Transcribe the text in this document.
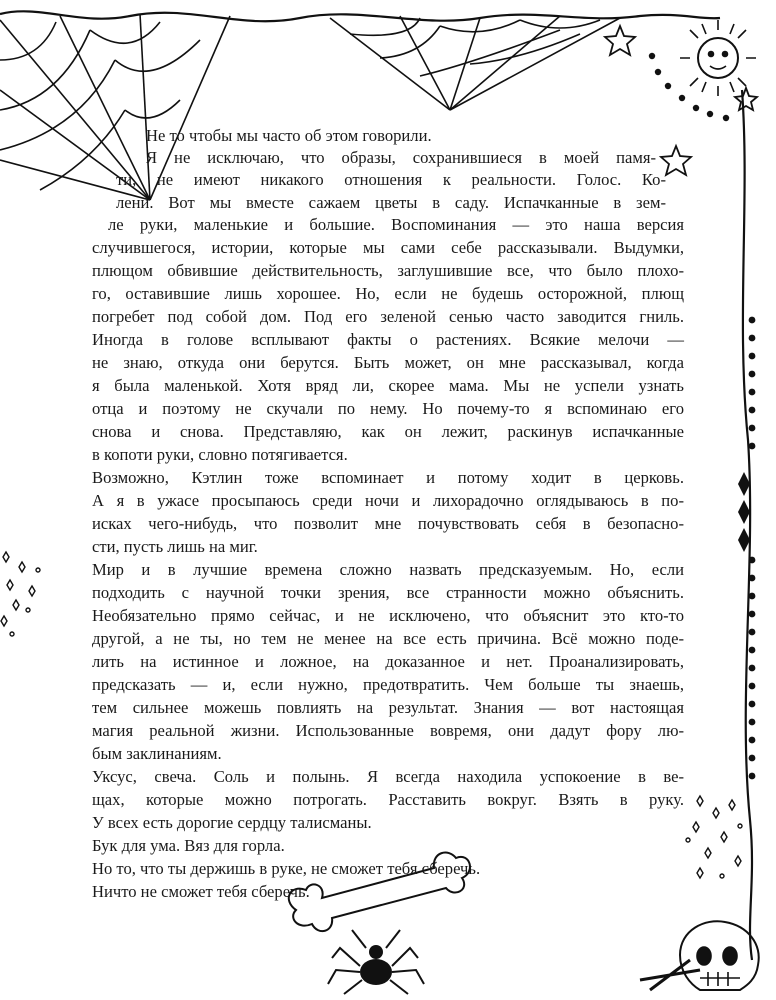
Не то чтобы мы часто об этом говорили.
Я не исключаю, что образы, сохранившиеся в моей памя-
ти, не имеют никакого отношения к реальности. Голос. Ко-
лени. Вот мы вместе сажаем цветы в саду. Испачканные в зем-
ле руки, маленькие и большие. Воспоминания — это наша версия
случившегося, истории, которые мы сами себе рассказывали. Выдумки,
плющом обвившие действительность, заглушившие все, что было плохо-
го, оставившие лишь хорошее. Но, если не будешь осторожной, плющ
погребет под собой дом. Под его зеленой сенью часто заводится гниль.
Иногда в голове всплывают факты о растениях. Всякие мелочи —
не знаю, откуда они берутся. Быть может, он мне рассказывал, когда
я была маленькой. Хотя вряд ли, скорее мама. Мы не успели узнать
отца и поэтому не скучали по нему. Но почему-то я вспоминаю его
снова и снова. Представляю, как он лежит, раскинув испачканные
в копоти руки, словно потягивается.
Возможно, Кэтлин тоже вспоминает и потому ходит в церковь.
А я в ужасе просыпаюсь среди ночи и лихорадочно оглядываюсь в по-
исках чего-нибудь, что позволит мне почувствовать себя в безопасно-
сти, пусть лишь на миг.
Мир и в лучшие времена сложно назвать предсказуемым. Но, если
подходить с научной точки зрения, все странности можно объяснить.
Необязательно прямо сейчас, и не исключено, что объяснит это кто-то
другой, а не ты, но тем не менее на все есть причина. Всё можно поде-
лить на истинное и ложное, на доказанное и нет. Проанализировать,
предсказать — и, если нужно, предотвратить. Чем больше ты знаешь,
тем сильнее можешь повлиять на результат. Знания — вот настоящая
магия реальной жизни. Использованные вовремя, они дадут фору лю-
бым заклинаниям.
Уксус, свеча. Соль и полынь. Я всегда находила успокоение в ве-
щах, которые можно потрогать. Расставить вокруг. Взять в руку.
У всех есть дорогие сердцу талисманы.
Бук для ума. Вяз для горла.
Но то, что ты держишь в руке, не сможет тебя сберечь.
Ничто не сможет тебя сберечь.
